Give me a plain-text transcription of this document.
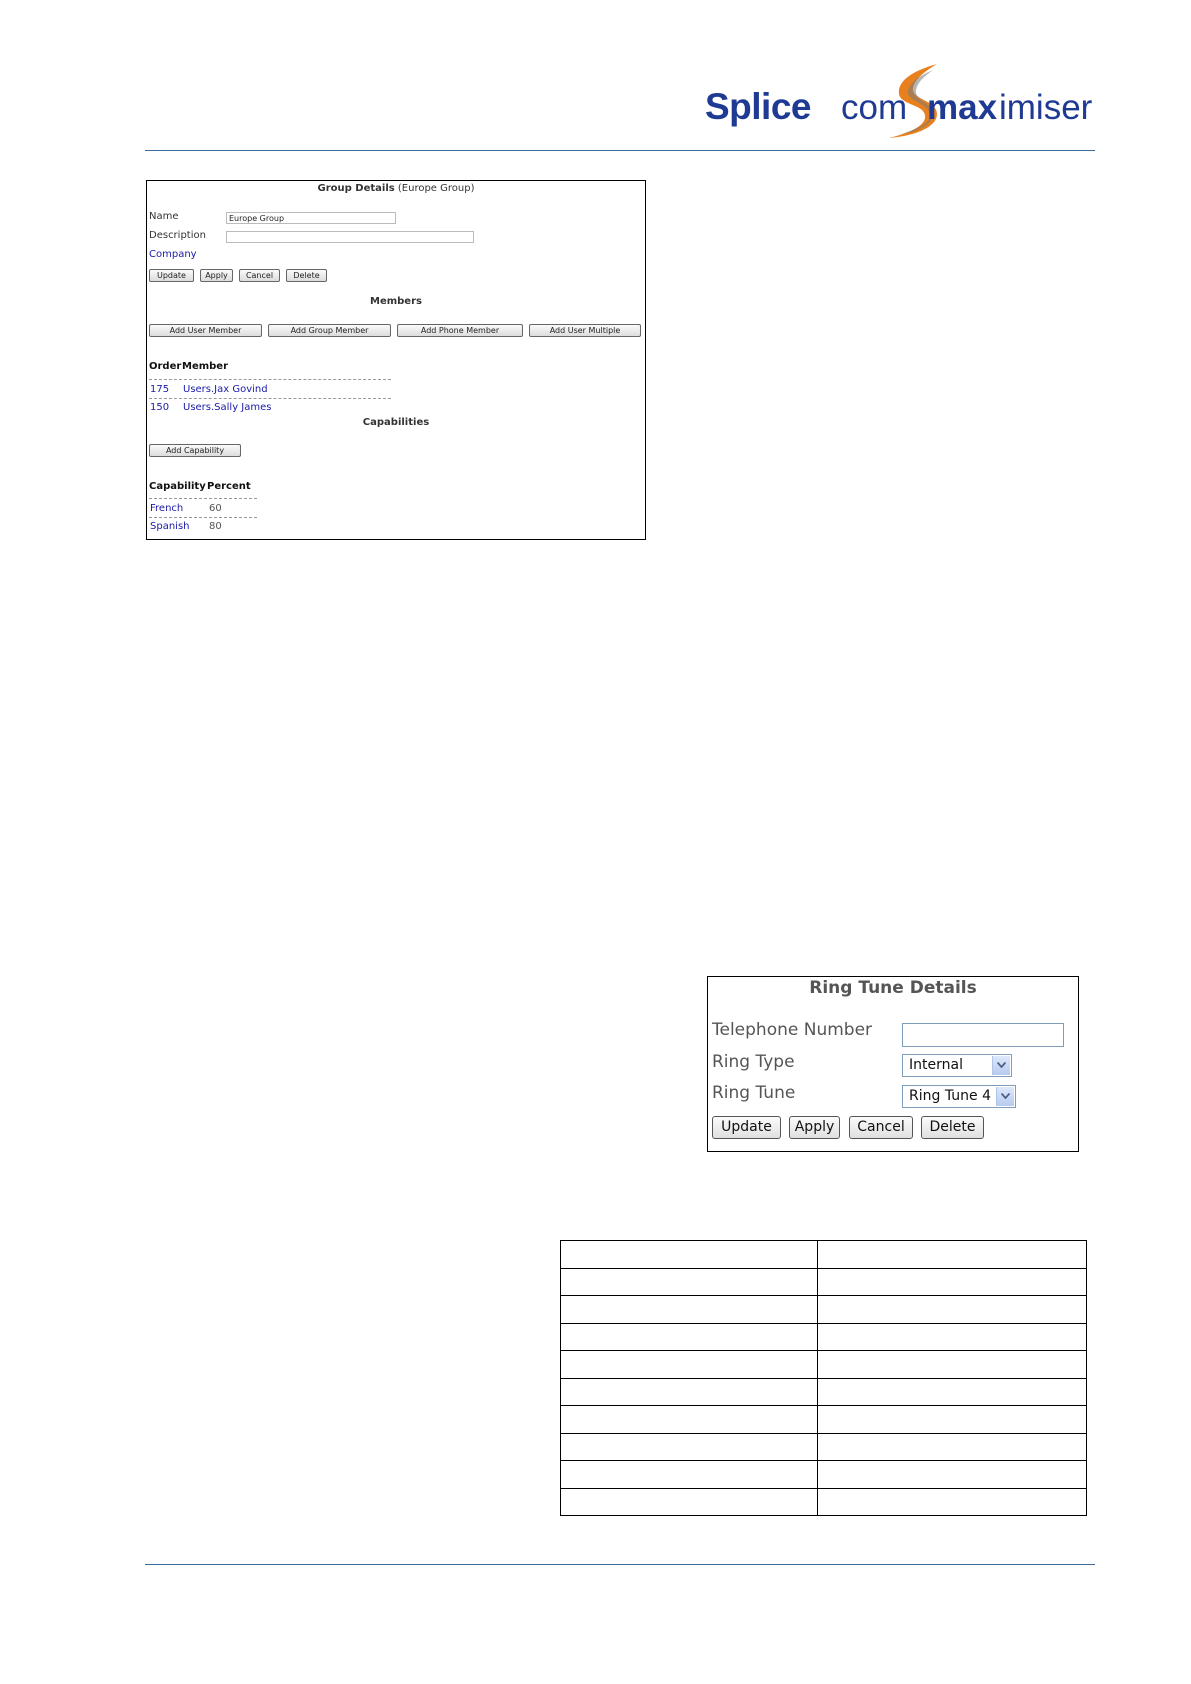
Splice com max imiser
Group Details (Europe Group)
Name	Europe Group
Description
Company
Update	Apply	Cancel	Delete
Members
Add User Member	Add Group Member	Add Phone Member	Add User Multiple
Order Member
175 Users.Jax Govind
150 Users.Sally James
Capabilities
Add Capability
Capability Percent
French	60
Spanish 80
Ring Tune Details
Telephone Number
Ring Type	Internal
Ring Tune	Ring Tune 4
Update	Apply	Cancel	Delete
